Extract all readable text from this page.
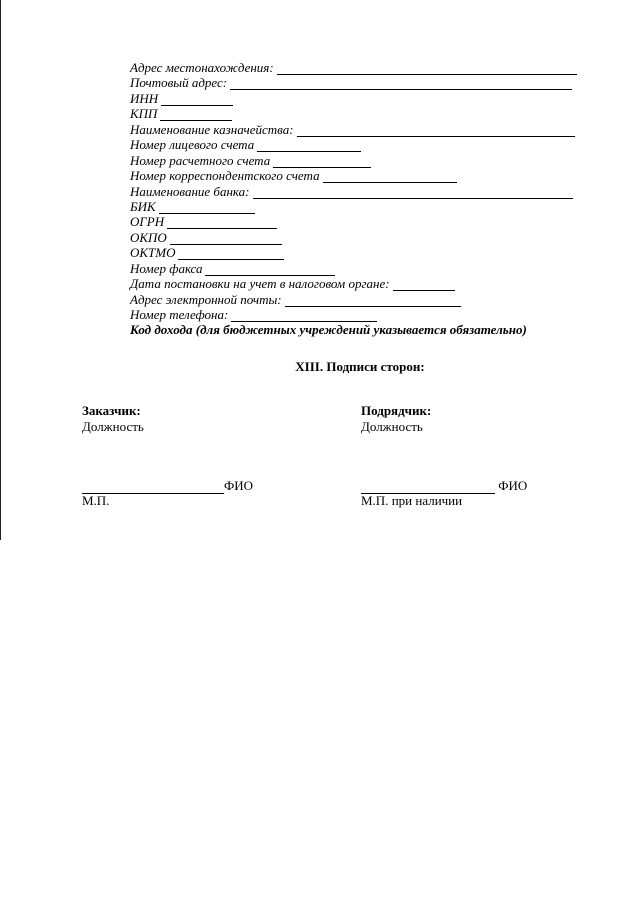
Адрес местонахождения:
Почтовый адрес:
ИНН
КПП
Наименование казначейства:
Номер лицевого счета
Номер расчетного счета
Номер корреспондентского счета
Наименование банка:
БИК
ОГРН
ОКПО
ОКТМО
Номер факса
Дата постановки на учет в налоговом органе:
Адрес электронной почты:
Номер телефона:
Код дохода (для бюджетных учреждений указывается обязательно)
XIII. Подписи сторон:
Заказчик:
Должность
Подрядчик:
Должность
ФИО
М.П.
ФИО
М.П. при наличии
